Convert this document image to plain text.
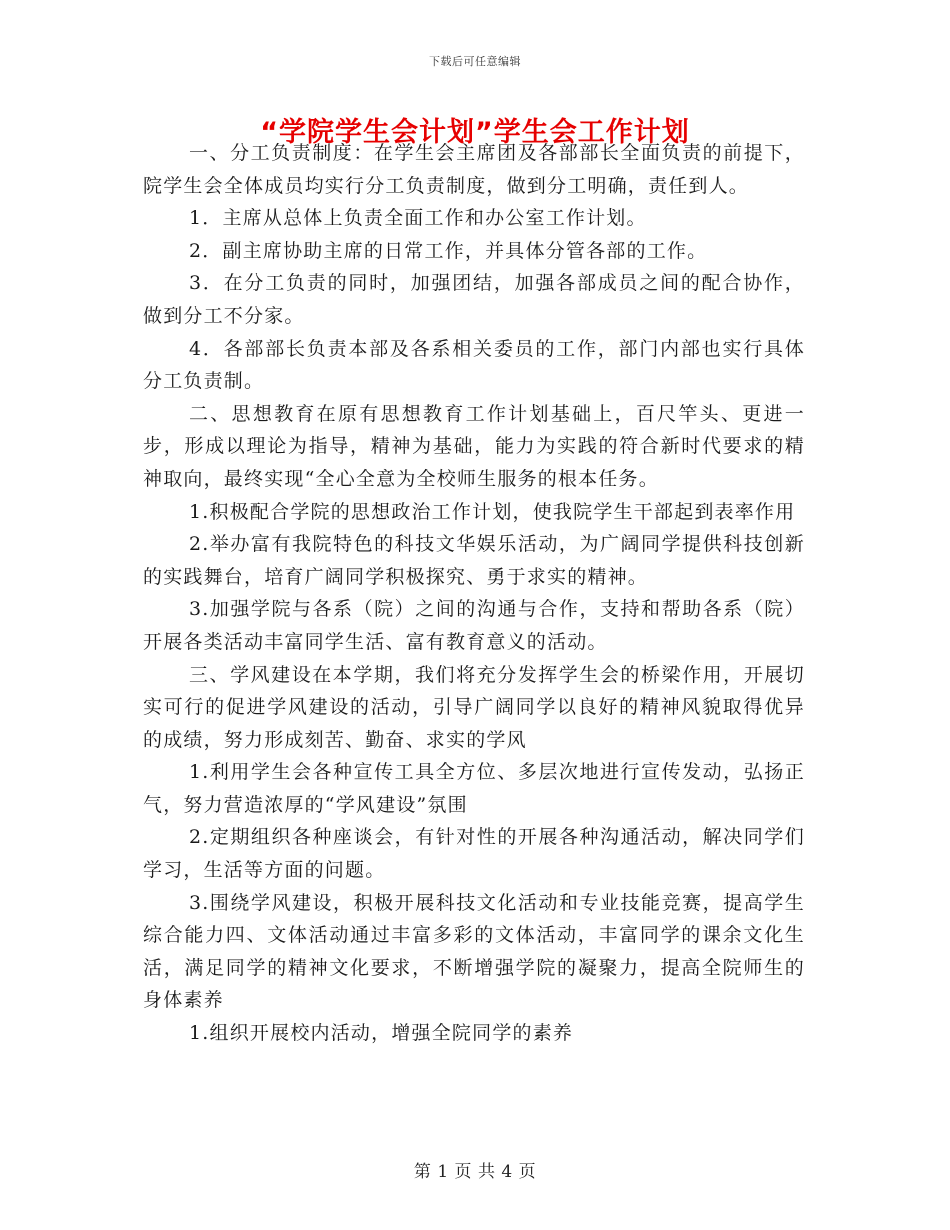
下载后可任意编辑
“学院学生会计划”学生会工作计划

一、分工负责制度：在学生会主席团及各部部长全面负责的前提下，院学生会全体成员均实行分工负责制度，做到分工明确，责任到人。

1．主席从总体上负责全面工作和办公室工作计划。

2．副主席协助主席的日常工作，并具体分管各部的工作。

3．在分工负责的同时，加强团结，加强各部成员之间的配合协作，做到分工不分家。

4．各部部长负责本部及各系相关委员的工作，部门内部也实行具体分工负责制。

二、思想教育在原有思想教育工作计划基础上，百尺竿头、更进一步，形成以理论为指导，精神为基础，能力为实践的符合新时代要求的精神取向，最终实现“全心全意为全校师生服务的根本任务。

1.积极配合学院的思想政治工作计划，使我院学生干部起到表率作用

2.举办富有我院特色的科技文华娱乐活动，为广阔同学提供科技创新的实践舞台，培育广阔同学积极探究、勇于求实的精神。

3.加强学院与各系（院）之间的沟通与合作，支持和帮助各系（院）开展各类活动丰富同学生活、富有教育意义的活动。

三、学风建设在本学期，我们将充分发挥学生会的桥梁作用，开展切实可行的促进学风建设的活动，引导广阔同学以良好的精神风貌取得优异的成绩，努力形成刻苦、勤奋、求实的学风

1.利用学生会各种宣传工具全方位、多层次地进行宣传发动，弘扬正气，努力营造浓厚的“学风建设”氛围

2.定期组织各种座谈会，有针对性的开展各种沟通活动，解决同学们学习，生活等方面的问题。

3.围绕学风建设，积极开展科技文化活动和专业技能竞赛，提高学生综合能力四、文体活动通过丰富多彩的文体活动，丰富同学的课余文化生活，满足同学的精神文化要求，不断增强学院的凝聚力，提高全院师生的身体素养

1.组织开展校内活动，增强全院同学的素养

第 1 页 共 4 页
